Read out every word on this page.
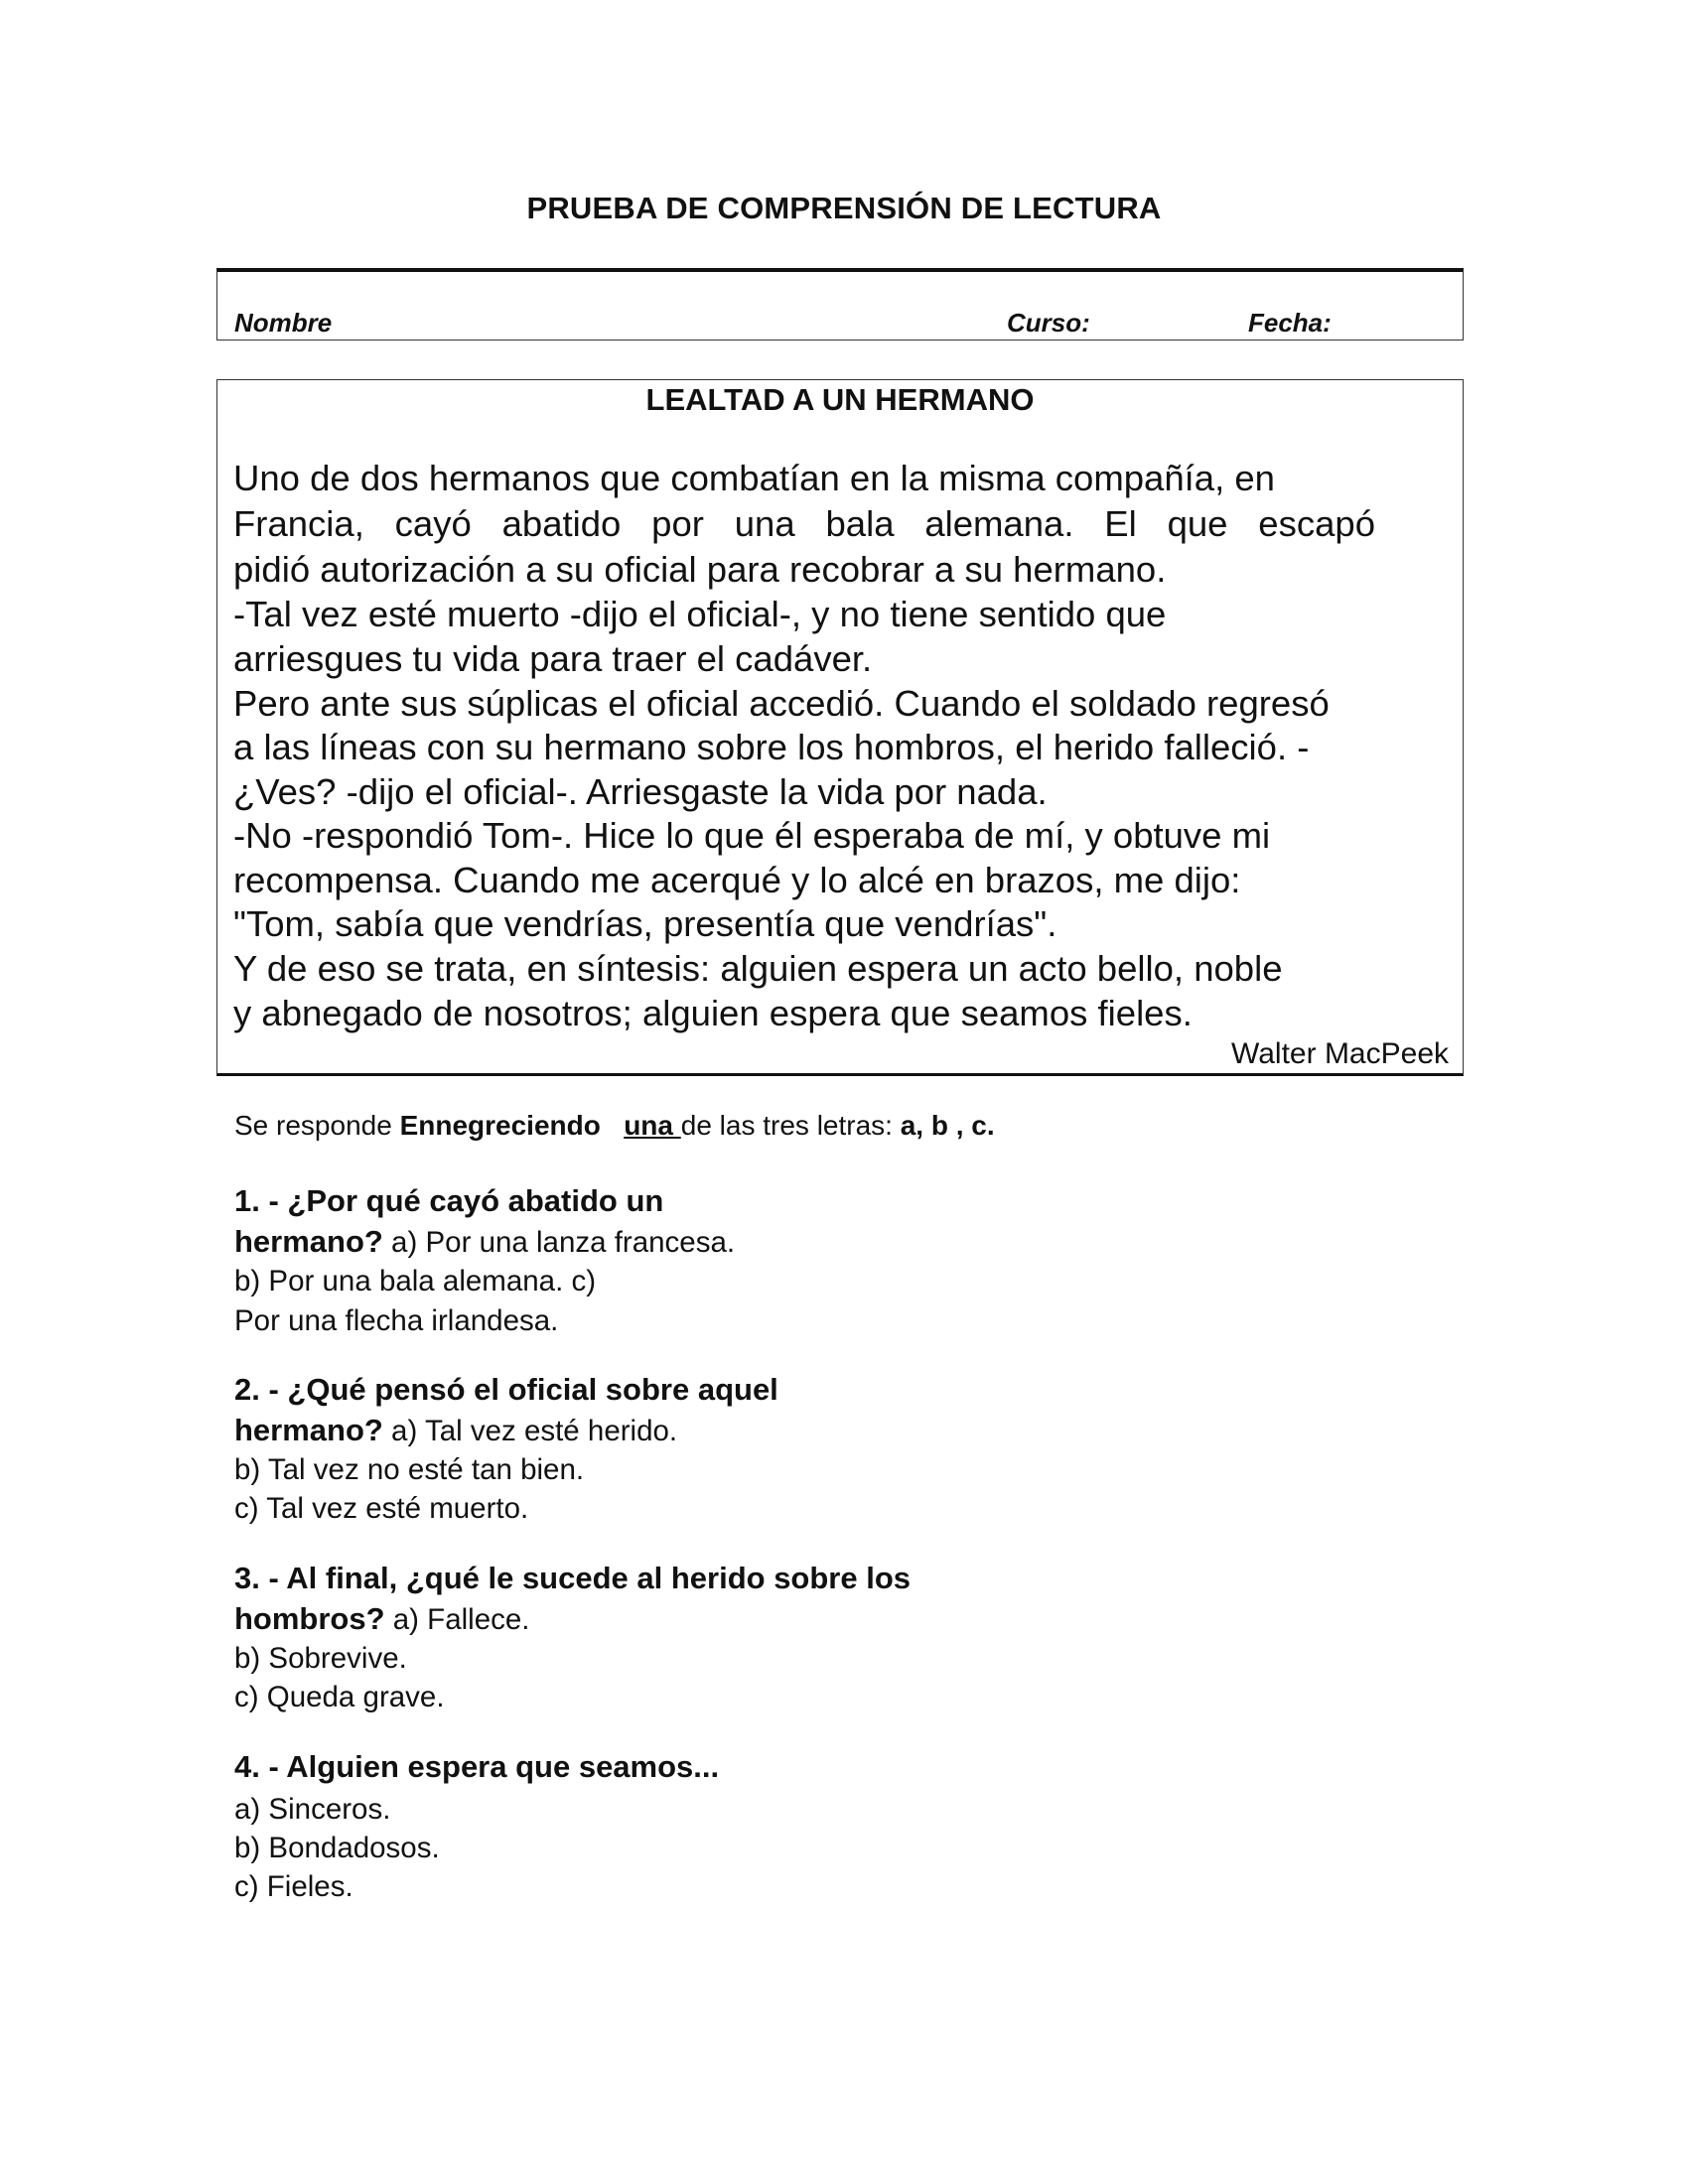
PRUEBA DE COMPRENSIÓN DE LECTURA
Nombre	Curso:	Fecha:
LEALTAD A UN HERMANO
Uno de dos hermanos que combatían en la misma compañía, en
Francia, cayó abatido por una bala alemana. El que escapó
pidió autorización a su oficial para recobrar a su hermano.
-Tal vez esté muerto -dijo el oficial-, y no tiene sentido que
arriesgues tu vida para traer el cadáver.
Pero ante sus súplicas el oficial accedió. Cuando el soldado regresó
a las líneas con su hermano sobre los hombros, el herido falleció. -
¿Ves? -dijo el oficial-. Arriesgaste la vida por nada.
-No -respondió Tom-. Hice lo que él esperaba de mí, y obtuve mi
recompensa. Cuando me acerqué y lo alcé en brazos, me dijo:
"Tom, sabía que vendrías, presentía que vendrías".
Y de eso se trata, en síntesis: alguien espera un acto bello, noble
y abnegado de nosotros; alguien espera que seamos fieles.
Walter MacPeek
Se responde Ennegreciendo una de las tres letras: a, b , c.
1. - ¿Por qué cayó abatido un
hermano? a) Por una lanza francesa.
b) Por una bala alemana. c)
Por una flecha irlandesa.
2. - ¿Qué pensó el oficial sobre aquel
hermano? a) Tal vez esté herido.
b) Tal vez no esté tan bien.
c) Tal vez esté muerto.
3. - Al final, ¿qué le sucede al herido sobre los
hombros? a) Fallece.
b) Sobrevive.
c) Queda grave.
4. - Alguien espera que seamos...
a) Sinceros.
b) Bondadosos.
c) Fieles.
